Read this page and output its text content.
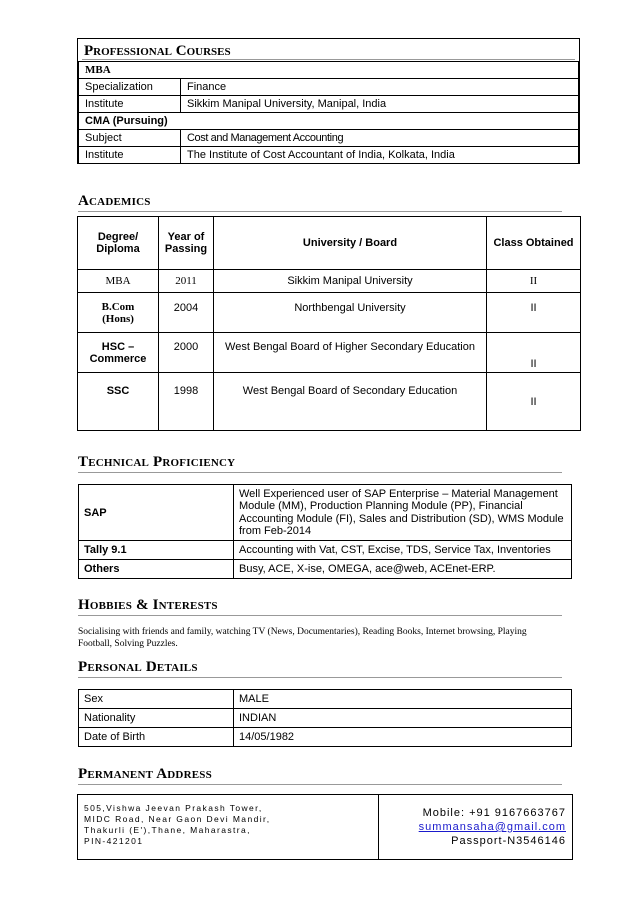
Professional Courses
MBA	
Specialization	Finance
Institute	Sikkim Manipal University, Manipal, India
CMA (Pursuing)	
Subject	Cost and Management Accounting
Institute	The Institute of Cost Accountant of India, Kolkata, India
Academics
Degree/ Diploma	Year of Passing	University / Board	Class Obtained
MBA	2011	Sikkim Manipal University	II
B.Com (Hons)	2004	Northbengal University	II
HSC – Commerce	2000	West Bengal Board of Higher Secondary Education	II
SSC	1998	West Bengal Board of Secondary Education	II
Technical Proficiency
SAP	Well Experienced user of SAP Enterprise – Material Management Module (MM), Production Planning Module (PP), Financial Accounting Module (FI), Sales and Distribution (SD), WMS Module from Feb-2014
Tally 9.1	Accounting with Vat, CST, Excise, TDS, Service Tax, Inventories
Others	Busy, ACE, X-ise, OMEGA, ace@web, ACEnet-ERP.
Hobbies & Interests
Socialising with friends and family, watching TV (News, Documentaries), Reading Books, Internet browsing, Playing Football, Solving Puzzles.
Personal Details
Sex	MALE
Nationality	INDIAN
Date of Birth	14/05/1982
Permanent Address
505,Vishwa Jeevan Prakash Tower,
MIDC Road, Near Gaon Devi Mandir,
Thakurli (E'),Thane, Maharastra,
PIN-421201
Mobile: +91 9167663767
summansaha@gmail.com
Passport-N3546146
